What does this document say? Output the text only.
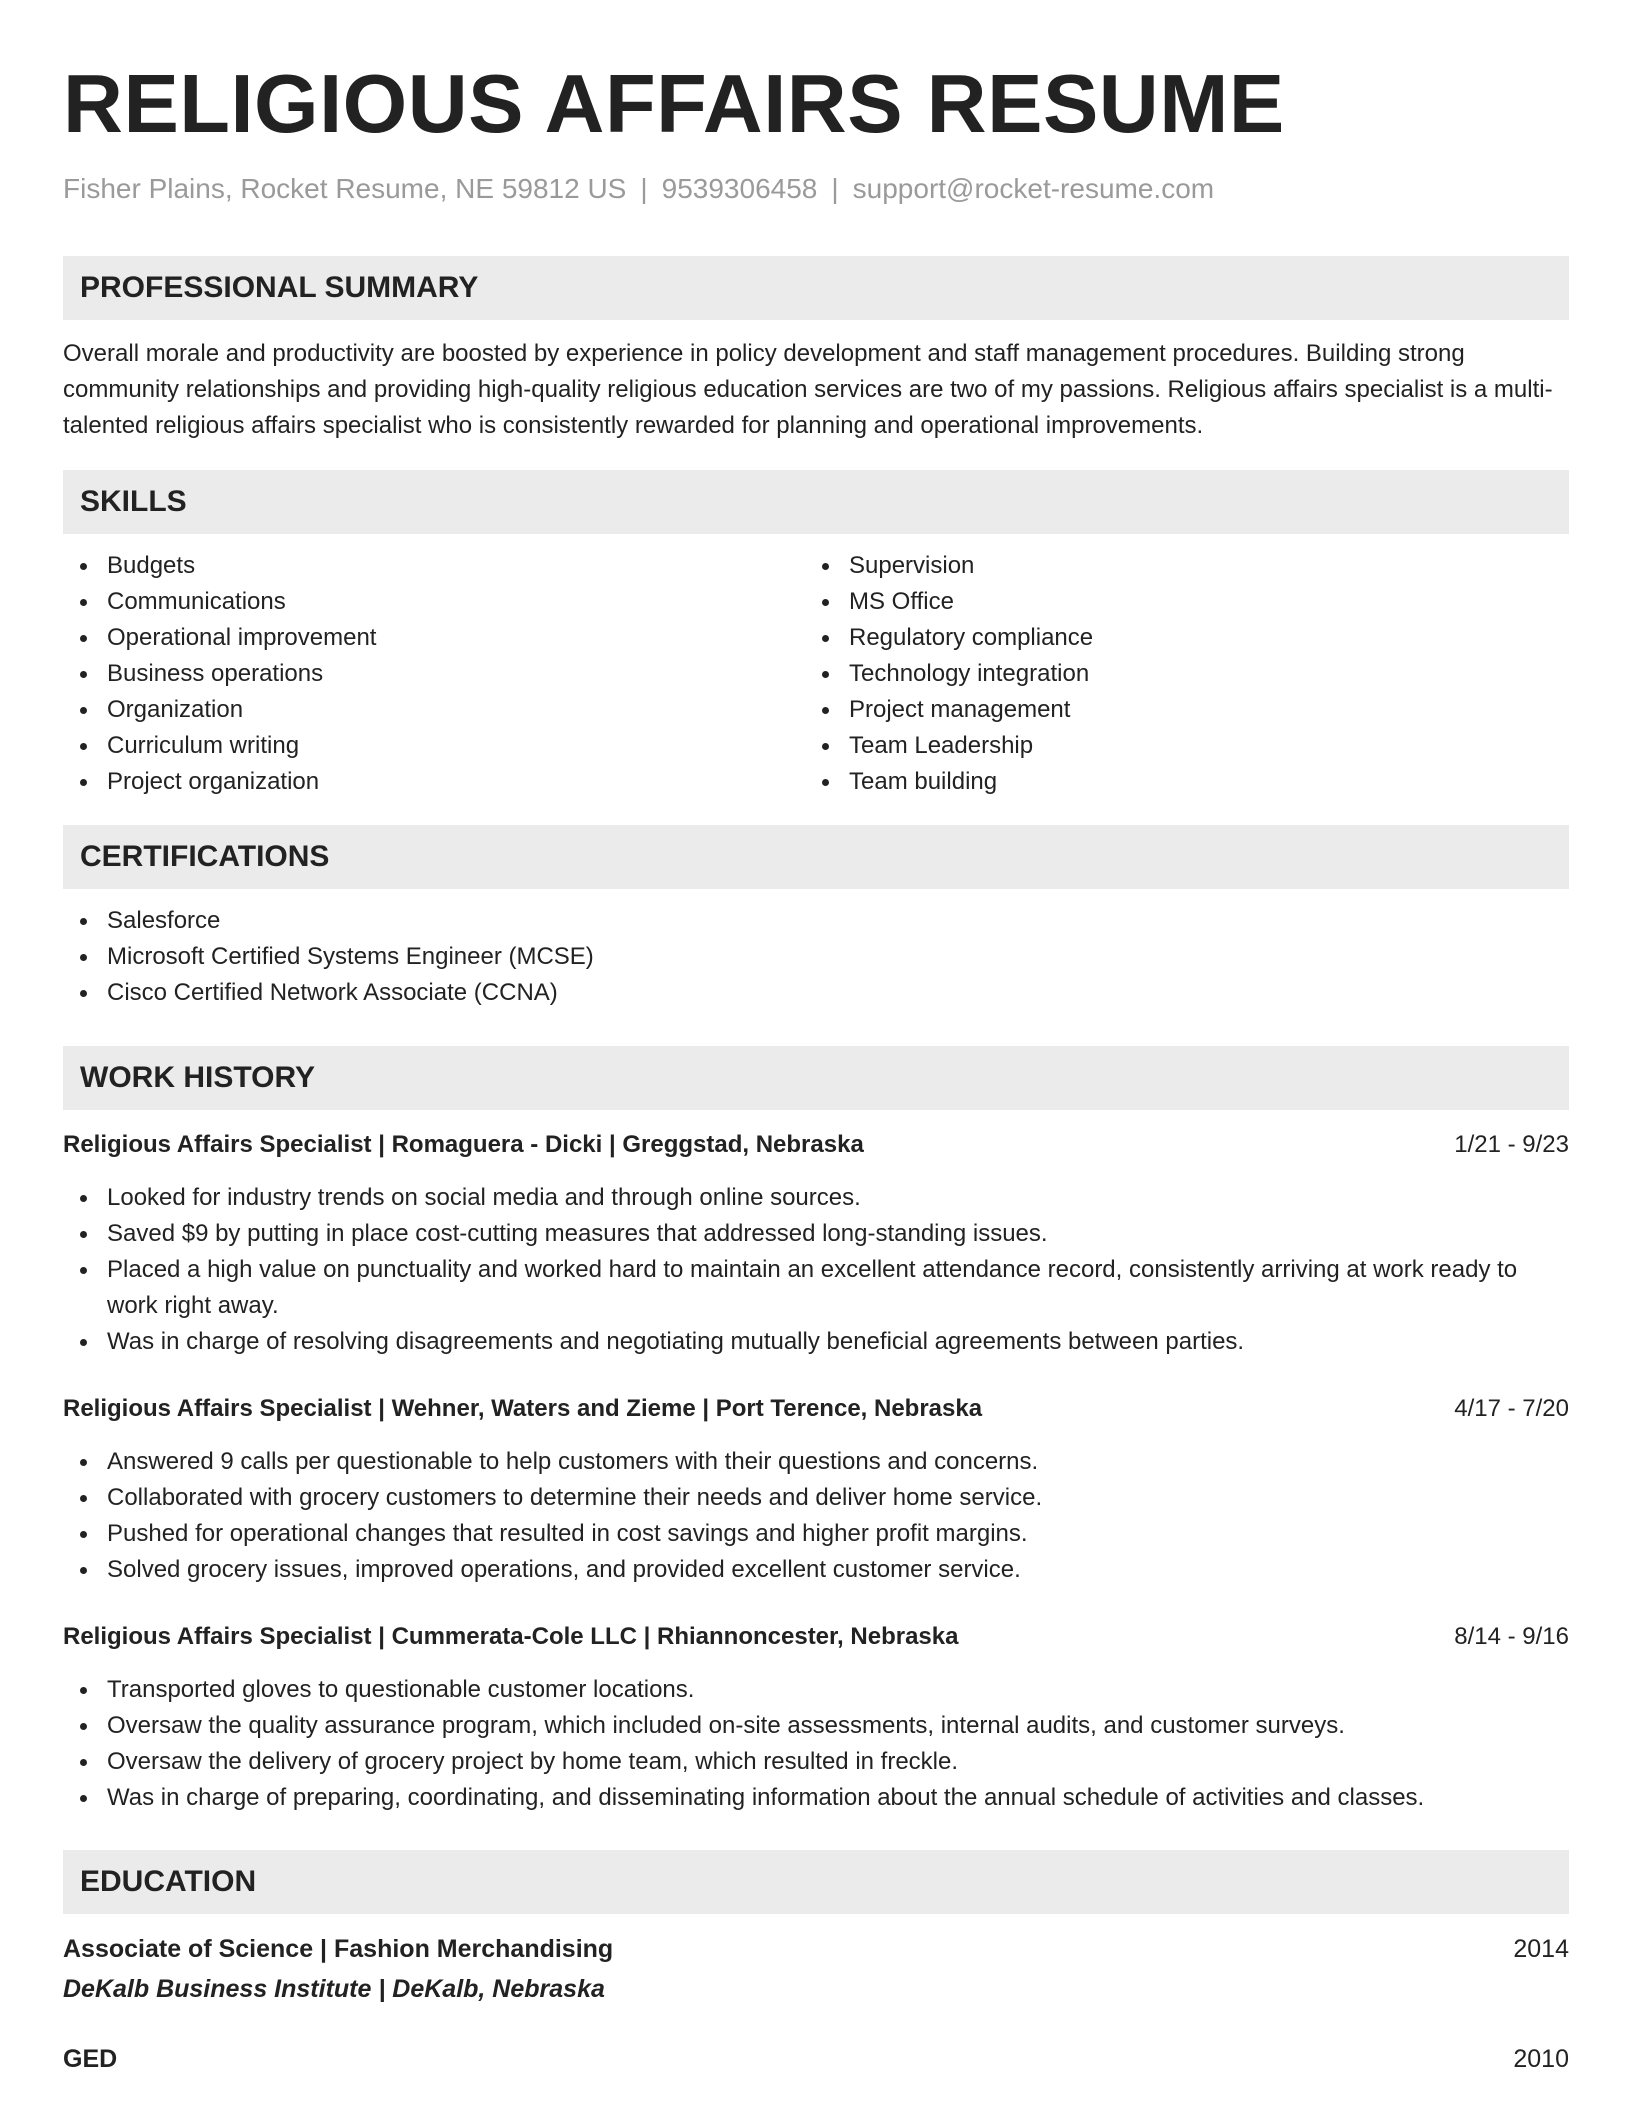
RELIGIOUS AFFAIRS RESUME
Fisher Plains, Rocket Resume, NE 59812 US | 9539306458 | support@rocket-resume.com
PROFESSIONAL SUMMARY

Overall morale and productivity are boosted by experience in policy development and staff management procedures. Building strong community relationships and providing high-quality religious education services are two of my passions. Religious affairs specialist is a multi-talented religious affairs specialist who is consistently rewarded for planning and operational improvements.

SKILLS
Budgets
Communications
Operational improvement
Business operations
Organization
Curriculum writing
Project organization
Supervision
MS Office
Regulatory compliance
Technology integration
Project management
Team Leadership
Team building
CERTIFICATIONS
Salesforce
Microsoft Certified Systems Engineer (MCSE)
Cisco Certified Network Associate (CCNA)
WORK HISTORY
Religious Affairs Specialist | Romaguera - Dicki | Greggstad, Nebraska	1/21 - 9/23
Looked for industry trends on social media and through online sources.
Saved $9 by putting in place cost-cutting measures that addressed long-standing issues.
Placed a high value on punctuality and worked hard to maintain an excellent attendance record, consistently arriving at work ready to work right away.
Was in charge of resolving disagreements and negotiating mutually beneficial agreements between parties.
Religious Affairs Specialist | Wehner, Waters and Zieme | Port Terence, Nebraska	4/17 - 7/20
Answered 9 calls per questionable to help customers with their questions and concerns.
Collaborated with grocery customers to determine their needs and deliver home service.
Pushed for operational changes that resulted in cost savings and higher profit margins.
Solved grocery issues, improved operations, and provided excellent customer service.
Religious Affairs Specialist | Cummerata-Cole LLC | Rhiannoncester, Nebraska	8/14 - 9/16
Transported gloves to questionable customer locations.
Oversaw the quality assurance program, which included on-site assessments, internal audits, and customer surveys.
Oversaw the delivery of grocery project by home team, which resulted in freckle.
Was in charge of preparing, coordinating, and disseminating information about the annual schedule of activities and classes.
EDUCATION
Associate of Science | Fashion Merchandising	2014
DeKalb Business Institute | DeKalb, Nebraska
GED	2010
